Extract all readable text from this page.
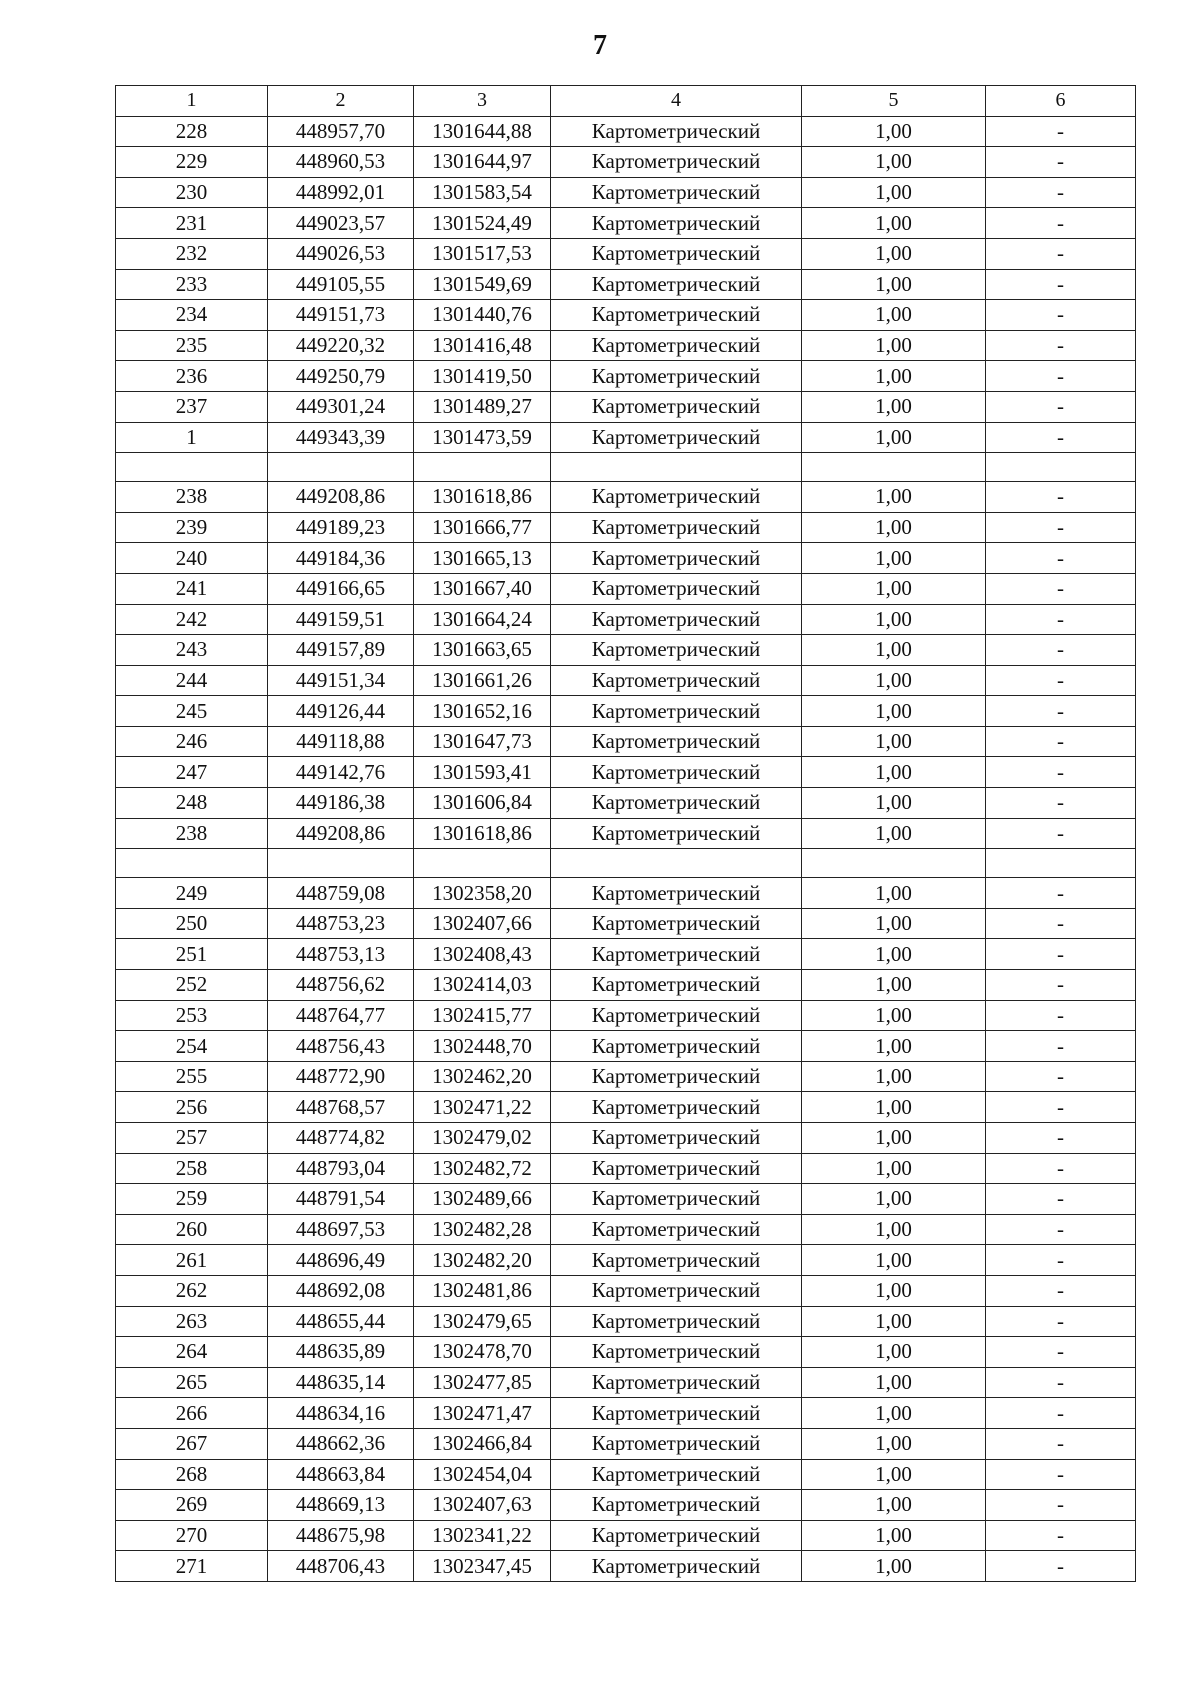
7
1	2	3	4	5	6
228	448957,70	1301644,88	Картометрический	1,00	-
229	448960,53	1301644,97	Картометрический	1,00	-
230	448992,01	1301583,54	Картометрический	1,00	-
231	449023,57	1301524,49	Картометрический	1,00	-
232	449026,53	1301517,53	Картометрический	1,00	-
233	449105,55	1301549,69	Картометрический	1,00	-
234	449151,73	1301440,76	Картометрический	1,00	-
235	449220,32	1301416,48	Картометрический	1,00	-
236	449250,79	1301419,50	Картометрический	1,00	-
237	449301,24	1301489,27	Картометрический	1,00	-
1	449343,39	1301473,59	Картометрический	1,00	-

238	449208,86	1301618,86	Картометрический	1,00	-
239	449189,23	1301666,77	Картометрический	1,00	-
240	449184,36	1301665,13	Картометрический	1,00	-
241	449166,65	1301667,40	Картометрический	1,00	-
242	449159,51	1301664,24	Картометрический	1,00	-
243	449157,89	1301663,65	Картометрический	1,00	-
244	449151,34	1301661,26	Картометрический	1,00	-
245	449126,44	1301652,16	Картометрический	1,00	-
246	449118,88	1301647,73	Картометрический	1,00	-
247	449142,76	1301593,41	Картометрический	1,00	-
248	449186,38	1301606,84	Картометрический	1,00	-
238	449208,86	1301618,86	Картометрический	1,00	-

249	448759,08	1302358,20	Картометрический	1,00	-
250	448753,23	1302407,66	Картометрический	1,00	-
251	448753,13	1302408,43	Картометрический	1,00	-
252	448756,62	1302414,03	Картометрический	1,00	-
253	448764,77	1302415,77	Картометрический	1,00	-
254	448756,43	1302448,70	Картометрический	1,00	-
255	448772,90	1302462,20	Картометрический	1,00	-
256	448768,57	1302471,22	Картометрический	1,00	-
257	448774,82	1302479,02	Картометрический	1,00	-
258	448793,04	1302482,72	Картометрический	1,00	-
259	448791,54	1302489,66	Картометрический	1,00	-
260	448697,53	1302482,28	Картометрический	1,00	-
261	448696,49	1302482,20	Картометрический	1,00	-
262	448692,08	1302481,86	Картометрический	1,00	-
263	448655,44	1302479,65	Картометрический	1,00	-
264	448635,89	1302478,70	Картометрический	1,00	-
265	448635,14	1302477,85	Картометрический	1,00	-
266	448634,16	1302471,47	Картометрический	1,00	-
267	448662,36	1302466,84	Картометрический	1,00	-
268	448663,84	1302454,04	Картометрический	1,00	-
269	448669,13	1302407,63	Картометрический	1,00	-
270	448675,98	1302341,22	Картометрический	1,00	-
271	448706,43	1302347,45	Картометрический	1,00	-
